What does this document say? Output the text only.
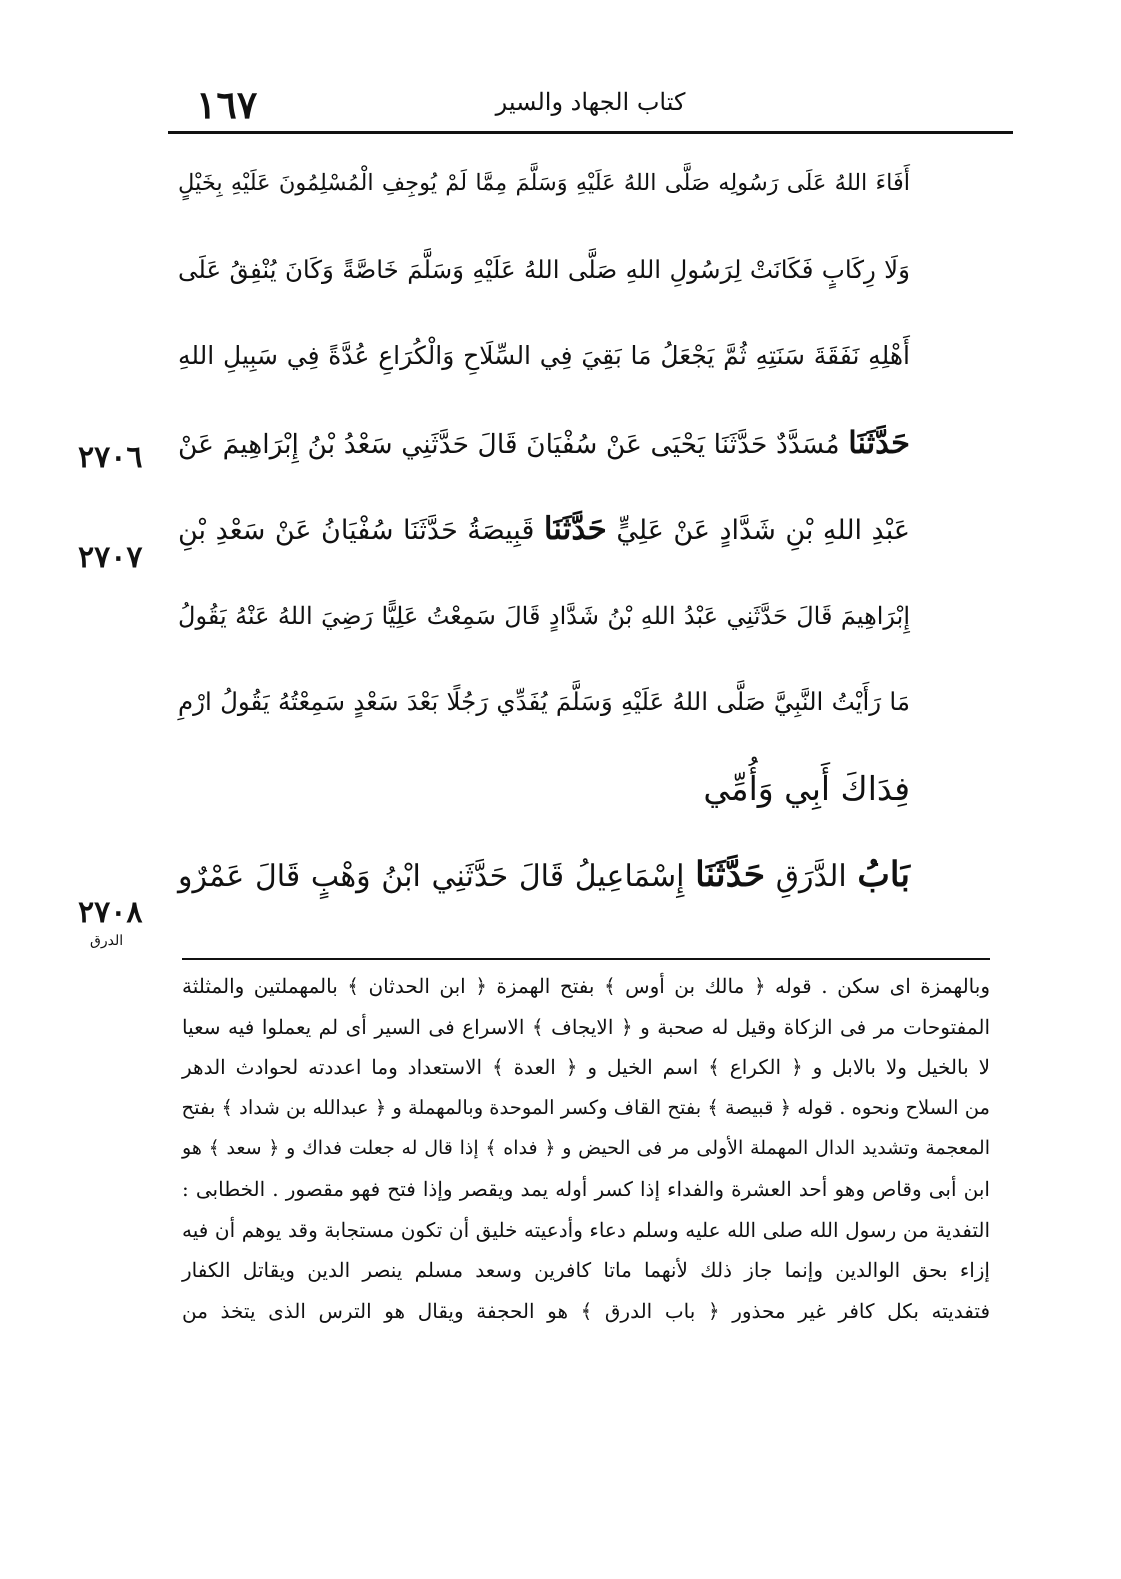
كتاب الجهاد والسير
١٦٧
أَفَاءَ اللهُ عَلَى رَسُولِه صَلَّى اللهُ عَلَيْهِ وَسَلَّمَ مِمَّا لَمْ يُوجِفِ الْمُسْلِمُونَ عَلَيْهِ بِخَيْلٍ
وَلَا رِكَابٍ فَكَانَتْ لِرَسُولِ اللهِ صَلَّى اللهُ عَلَيْهِ وَسَلَّمَ خَاصَّةً وَكَانَ يُنْفِقُ عَلَى
أَهْلِهِ نَفَقَةَ سَنَتِهِ ثُمَّ يَجْعَلُ مَا بَقِيَ فِي السِّلَاحِ وَالْكُرَاعِ عُدَّةً فِي سَبِيلِ اللهِ
حَدَّثَنَا مُسَدَّدٌ حَدَّثَنَا يَحْيَى عَنْ سُفْيَانَ قَالَ حَدَّثَنِي سَعْدُ بْنُ إِبْرَاهِيمَ عَنْ
عَبْدِ اللهِ بْنِ شَدَّادٍ عَنْ عَلِيٍّ حَدَّثَنَا قَبِيصَةُ حَدَّثَنَا سُفْيَانُ عَنْ سَعْدِ بْنِ
إِبْرَاهِيمَ قَالَ حَدَّثَنِي عَبْدُ اللهِ بْنُ شَدَّادٍ قَالَ سَمِعْتُ عَلِيًّا رَضِيَ اللهُ عَنْهُ يَقُولُ
مَا رَأَيْتُ النَّبِيَّ صَلَّى اللهُ عَلَيْهِ وَسَلَّمَ يُفَدِّي رَجُلًا بَعْدَ سَعْدٍ سَمِعْتُهُ يَقُولُ ارْمِ
فِدَاكَ أَبِي وَأُمِّي
بَابُ الدَّرَقِ حَدَّثَنَا إِسْمَاعِيلُ قَالَ حَدَّثَنِي ابْنُ وَهْبٍ قَالَ عَمْرٌو
٢٧٠٦
٢٧٠٧
٢٧٠٨
الدرق
وبالهمزة اى سكن . قوله ﴿ مالك بن أوس ﴾ بفتح الهمزة ﴿ ابن الحدثان ﴾ بالمهملتين والمثلثة
المفتوحات مر فى الزكاة وقيل له صحبة و ﴿ الايجاف ﴾ الاسراع فى السير أى لم يعملوا فيه سعيا
لا بالخيل ولا بالابل و ﴿ الكراع ﴾ اسم الخيل و ﴿ العدة ﴾ الاستعداد وما اعددته لحوادث الدهر
من السلاح ونحوه . قوله ﴿ قبيصة ﴾ بفتح القاف وكسر الموحدة وبالمهملة و ﴿ عبدالله بن شداد ﴾ بفتح
المعجمة وتشديد الدال المهملة الأولى مر فى الحيض و ﴿ فداه ﴾ إذا قال له جعلت فداك و ﴿ سعد ﴾ هو
ابن أبى وقاص وهو أحد العشرة والفداء إذا كسر أوله يمد ويقصر وإذا فتح فهو مقصور . الخطابى :
التفدية من رسول الله صلى الله عليه وسلم دعاء وأدعيته خليق أن تكون مستجابة وقد يوهم أن فيه
إزاء بحق الوالدين وإنما جاز ذلك لأنهما ماتا كافرين وسعد مسلم ينصر الدين ويقاتل الكفار
فتفديته بكل كافر غير محذور ﴿ باب الدرق ﴾ هو الحجفة ويقال هو الترس الذى يتخذ من
